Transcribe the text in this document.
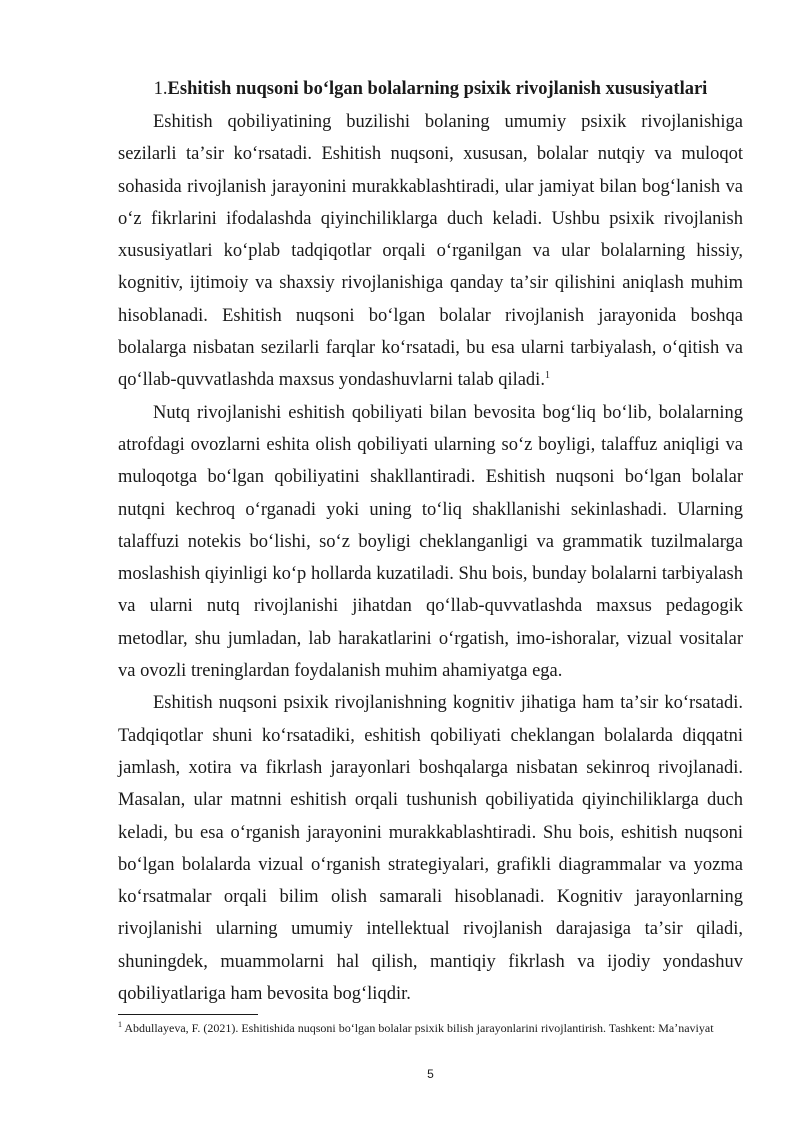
1.Eshitish nuqsoni boʻlgan bolalarning psixik rivojlanish xususiyatlari

Eshitish qobiliyatining buzilishi bolaning umumiy psixik rivojlanishiga sezilarli taʼsir koʻrsatadi. Eshitish nuqsoni, xususan, bolalar nutqiy va muloqot sohasida rivojlanish jarayonini murakkablashtiradi, ular jamiyat bilan bogʻlanish va oʻz fikrlarini ifodalashda qiyinchiliklarga duch keladi. Ushbu psixik rivojlanish xususiyatlari koʻplab tadqiqotlar orqali oʻrganilgan va ular bolalarning hissiy, kognitiv, ijtimoiy va shaxsiy rivojlanishiga qanday taʼsir qilishini aniqlash muhim hisoblanadi. Eshitish nuqsoni boʻlgan bolalar rivojlanish jarayonida boshqa bolalarga nisbatan sezilarli farqlar koʻrsatadi, bu esa ularni tarbiyalash, oʻqitish va qoʻllab-quvvatlashda maxsus yondashuvlarni talab qiladi.$^1$

Nutq rivojlanishi eshitish qobiliyati bilan bevosita bogʻliq boʻlib, bolalarning atrofdagi ovozlarni eshita olish qobiliyati ularning soʻz boyligi, talaffuz aniqligi va muloqotga boʻlgan qobiliyatini shakllantiradi. Eshitish nuqsoni boʻlgan bolalar nutqni kechroq oʻrganadi yoki uning toʻliq shakllanishi sekinlashadi. Ularning talaffuzi notekis boʻlishi, soʻz boyligi cheklanganligi va grammatik tuzilmalarga moslashish qiyinligi koʻp hollarda kuzatiladi. Shu bois, bunday bolalarni tarbiyalash va ularni nutq rivojlanishi jihatdan qoʻllab-quvvatlashda maxsus pedagogik metodlar, shu jumladan, lab harakatlarini oʻrgatish, imo-ishoralar, vizual vositalar va ovozli treninglardan foydalanish muhim ahamiyatga ega.

Eshitish nuqsoni psixik rivojlanishning kognitiv jihatiga ham taʼsir koʻrsatadi. Tadqiqotlar shuni koʻrsatadiki, eshitish qobiliyati cheklangan bolalarda diqqatni jamlash, xotira va fikrlash jarayonlari boshqalarga nisbatan sekinroq rivojlanadi. Masalan, ular matnni eshitish orqali tushunish qobiliyatida qiyinchiliklarga duch keladi, bu esa oʻrganish jarayonini murakkablashtiradi. Shu bois, eshitish nuqsoni boʻlgan bolalarda vizual oʻrganish strategiyalari, grafikli diagrammalar va yozma koʻrsatmalar orqali bilim olish samarali hisoblanadi. Kognitiv jarayonlarning rivojlanishi ularning umumiy intellektual rivojlanish darajasiga taʼsir qiladi, shuningdek, muammolarni hal qilish, mantiqiy fikrlash va ijodiy yondashuv qobiliyatlariga ham bevosita bogʻliqdir.

$^1$ Abdullayeva, F. (2021). Eshitishida nuqsoni boʻlgan bolalar psixik bilish jarayonlarini rivojlantirish. Tashkent: Maʼnaviyat
5
